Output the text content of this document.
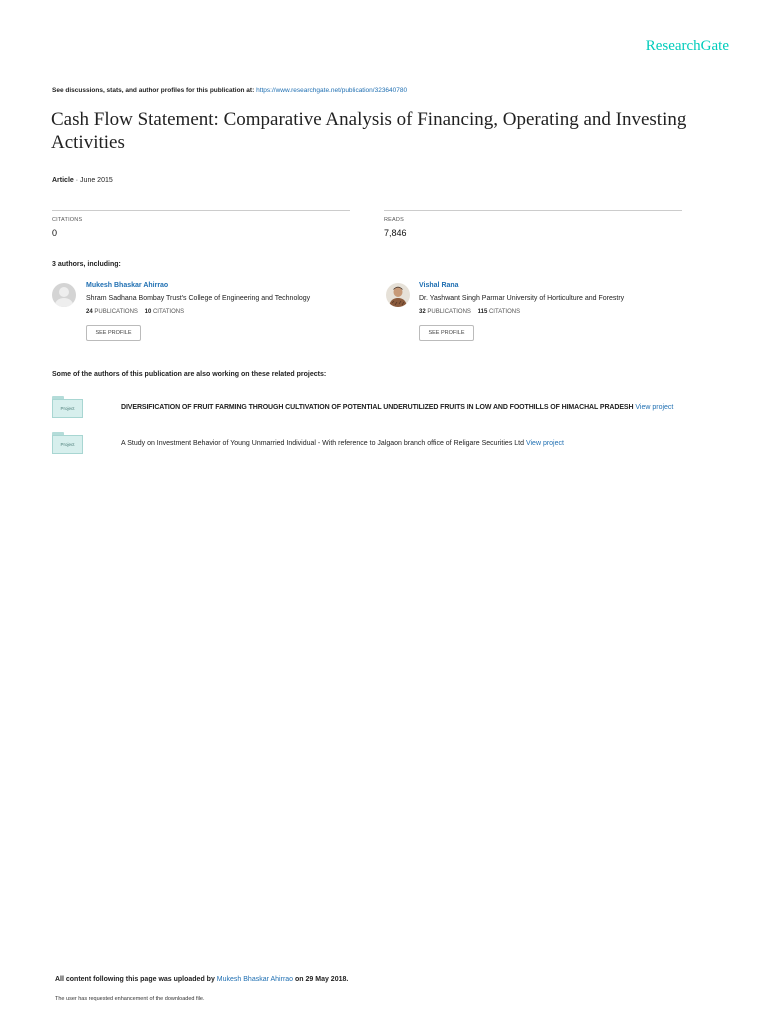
ResearchGate
See discussions, stats, and author profiles for this publication at: https://www.researchgate.net/publication/323640780
Cash Flow Statement: Comparative Analysis of Financing, Operating and Investing Activities
Article · June 2015
CITATIONS
0
READS
7,846
3 authors, including:
Mukesh Bhaskar Ahirrao
Shram Sadhana Bombay Trust's College of Engineering and Technology
24 PUBLICATIONS 10 CITATIONS
SEE PROFILE
Vishal Rana
Dr. Yashwant Singh Parmar University of Horticulture and Forestry
32 PUBLICATIONS 115 CITATIONS
SEE PROFILE
Some of the authors of this publication are also working on these related projects:
Project	DIVERSIFICATION OF FRUIT FARMING THROUGH CULTIVATION OF POTENTIAL UNDERUTILIZED FRUITS IN LOW AND FOOTHILLS OF HIMACHAL PRADESH View project
Project	A Study on Investment Behavior of Young Unmarried Individual - With reference to Jalgaon branch office of Religare Securities Ltd View project
All content following this page was uploaded by Mukesh Bhaskar Ahirrao on 29 May 2018.
The user has requested enhancement of the downloaded file.
